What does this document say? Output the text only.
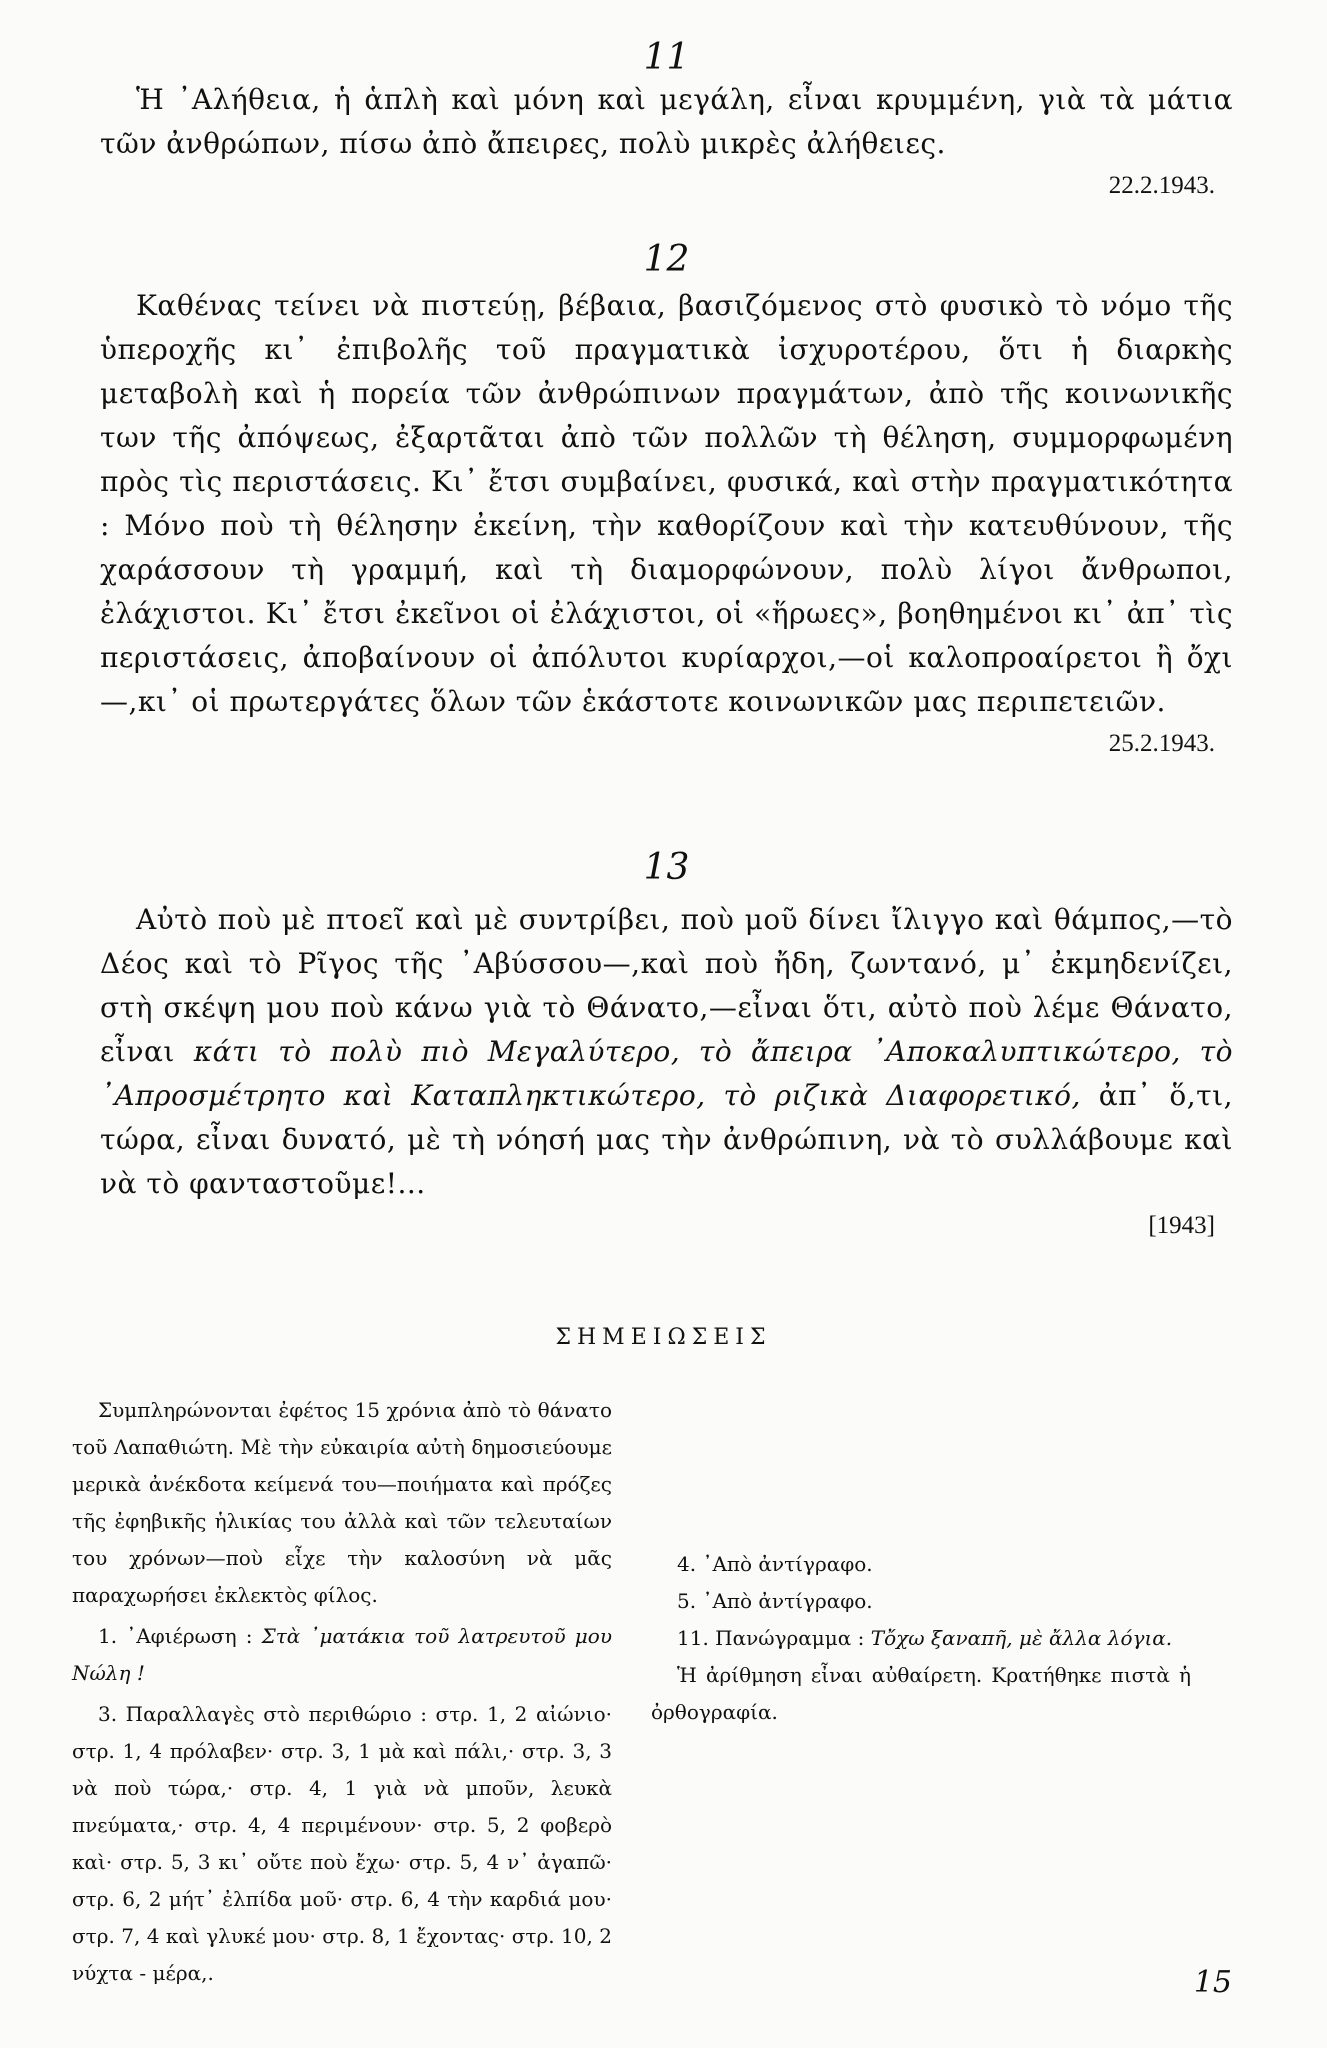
11

Ἡ ᾿Αλήθεια, ἡ ἁπλὴ καὶ μόνη καὶ μεγάλη, εἶναι κρυμμένη, γιὰ τὰ μάτια τῶν ἀνθρώπων, πίσω ἀπὸ ἄπειρες, πολὺ μικρὲς ἀλήθειες.

22.2.1943.

12

Καθένας τείνει νὰ πιστεύῃ, βέβαια, βασιζόμενος στὸ φυσικὸ τὸ νόμο τῆς ὑπεροχῆς κι᾿ ἐπιβολῆς τοῦ πραγματικὰ ἰσχυροτέρου, ὅτι ἡ διαρκὴς μεταβολὴ καὶ ἡ πορεία τῶν ἀνθρώπινων πραγμάτων, ἀπὸ τῆς κοινωνικῆς των τῆς ἀπόψεως, ἐξαρτᾶται ἀπὸ τῶν πολλῶν τὴ θέληση, συμμορφωμένη πρὸς τὶς περιστάσεις. Κι᾿ ἔτσι συμβαίνει, φυσικά, καὶ στὴν πραγματικότητα : Μόνο ποὺ τὴ θέλησην ἐκείνη, τὴν καθορίζουν καὶ τὴν κατευθύνουν, τῆς χαράσσουν τὴ γραμμή, καὶ τὴ διαμορφώνουν, πολὺ λίγοι ἄνθρωποι, ἐλάχιστοι. Κι᾿ ἔτσι ἐκεῖνοι οἱ ἐλάχιστοι, οἱ «ἥρωες», βοηθημένοι κι᾿ ἀπ᾿ τὶς περιστάσεις, ἀποβαίνουν οἱ ἀπόλυτοι κυρίαρχοι,—οἱ καλοπροαίρετοι ἢ ὄχι—,κι᾿ οἱ πρωτεργάτες ὅλων τῶν ἑκάστοτε κοινωνικῶν μας περιπετειῶν.

25.2.1943.

13

Αὐτὸ ποὺ μὲ πτοεῖ καὶ μὲ συντρίβει, ποὺ μοῦ δίνει ἴλιγγο καὶ θάμπος,—τὸ Δέος καὶ τὸ Ρῖγος τῆς ᾿Αβύσσου—,καὶ ποὺ ἤδη, ζωντανό, μ᾿ ἐκμηδενίζει, στὴ σκέψη μου ποὺ κάνω γιὰ τὸ Θάνατο,—εἶναι ὅτι, αὐτὸ ποὺ λέμε Θάνατο, εἶναι κάτι τὸ πολὺ πιὸ Μεγαλύτερο, τὸ ἄπειρα ᾿Αποκαλυπτικώτερο, τὸ ᾿Απροσμέτρητο καὶ Καταπληκτικώτερο, τὸ ριζικὰ Διαφορετικό, ἀπ᾿ ὅ,τι, τώρα, εἶναι δυνατό, μὲ τὴ νόησή μας τὴν ἀνθρώπινη, νὰ τὸ συλλάβουμε καὶ νὰ τὸ φανταστοῦμε!...

[1943]

ΣΗΜΕΙΩΣΕΙΣ

Συμπληρώνονται ἐφέτος 15 χρόνια ἀπὸ τὸ θάνατο τοῦ Λαπαθιώτη. Μὲ τὴν εὐκαιρία αὐτὴ δημοσιεύουμε μερικὰ ἀνέκδοτα κείμενά του—ποιήματα καὶ πρόζες τῆς ἐφηβικῆς ἡλικίας του ἀλλὰ καὶ τῶν τελευταίων του χρόνων—ποὺ εἶχε τὴν καλοσύνη νὰ μᾶς παραχωρήσει ἐκλεκτὸς φίλος.

1. ᾿Αφιέρωση : Στὰ ᾿ματάκια τοῦ λατρευτοῦ μου Νώλη !

3. Παραλλαγὲς στὸ περιθώριο : στρ. 1, 2 αἰώνιο· στρ. 1, 4 πρόλαβεν· στρ. 3, 1 μὰ καὶ πάλι,· στρ. 3, 3 νὰ ποὺ τώρα,· στρ. 4, 1 γιὰ νὰ μποῦν, λευκὰ πνεύματα,· στρ. 4, 4 περιμένουν· στρ. 5, 2 φοβερὸ καὶ· στρ. 5, 3 κι᾿ οὔτε ποὺ ἔχω· στρ. 5, 4 ν᾿ ἀγαπῶ· στρ. 6, 2 μήτ᾿ ἐλπίδα μοῦ· στρ. 6, 4 τὴν καρδιά μου· στρ. 7, 4 καὶ γλυκέ μου· στρ. 8, 1 ἔχοντας· στρ. 10, 2 νύχτα - μέρα,.

4. ᾿Απὸ ἀντίγραφο.

5. ᾿Απὸ ἀντίγραφο.

11. Πανώγραμμα : Τὄχω ξαναπῆ, μὲ ἄλλα λόγια.

Ἡ ἀρίθμηση εἶναι αὐθαίρετη. Κρατήθηκε πιστὰ ἡ ὀρθογραφία.

15
